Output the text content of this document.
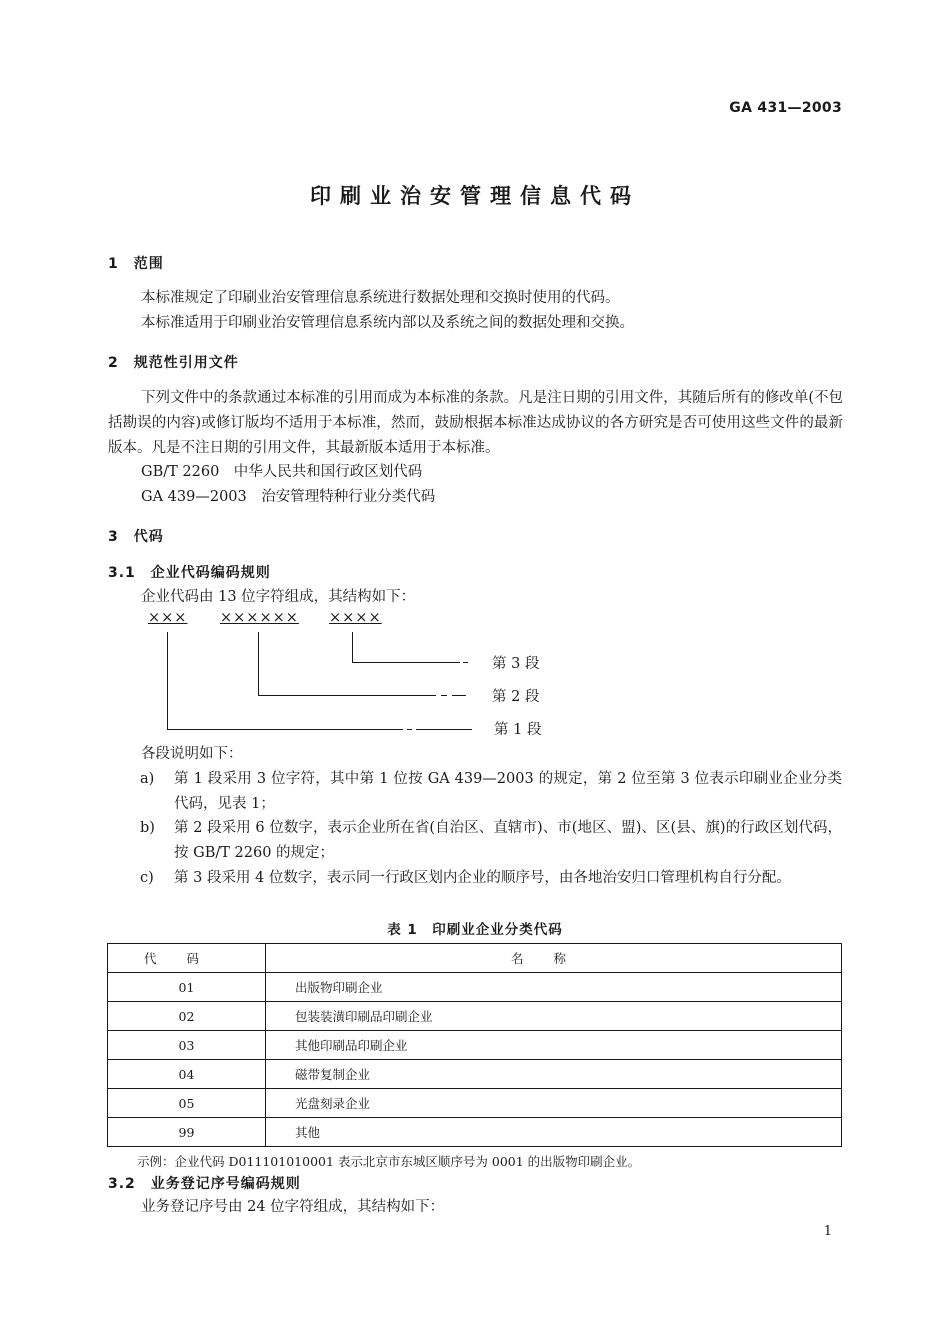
GA 431—2003
印刷业治安管理信息代码
1　范围
本标准规定了印刷业治安管理信息系统进行数据处理和交换时使用的代码。
本标准适用于印刷业治安管理信息系统内部以及系统之间的数据处理和交换。
2　规范性引用文件
下列文件中的条款通过本标准的引用而成为本标准的条款。凡是注日期的引用文件，其随后所有的修改单(不包括勘误的内容)或修订版均不适用于本标准，然而，鼓励根据本标准达成协议的各方研究是否可使用这些文件的最新版本。凡是不注日期的引用文件，其最新版本适用于本标准。
GB/T 2260　中华人民共和国行政区划代码
GA 439—2003　治安管理特种行业分类代码
3　代码
3.1　企业代码编码规则
企业代码由 13 位字符组成，其结构如下：
××× ×××××× ××××
第 3 段
第 2 段
第 1 段
各段说明如下：
a)	第 1 段采用 3 位字符，其中第 1 位按 GA 439—2003 的规定，第 2 位至第 3 位表示印刷业企业分类代码，见表 1；
b)	第 2 段采用 6 位数字，表示企业所在省(自治区、直辖市)、市(地区、盟)、区(县、旗)的行政区划代码，按 GB/T 2260 的规定；
c)	第 3 段采用 4 位数字，表示同一行政区划内企业的顺序号，由各地治安归口管理机构自行分配。
表 1　印刷业企业分类代码
代码	名称
01	出版物印刷企业
02	包装装潢印刷品印刷企业
03	其他印刷品印刷企业
04	磁带复制企业
05	光盘刻录企业
99	其他
示例：企业代码 D011101010001 表示北京市东城区顺序号为 0001 的出版物印刷企业。
3.2　业务登记序号编码规则
业务登记序号由 24 位字符组成，其结构如下：
1
